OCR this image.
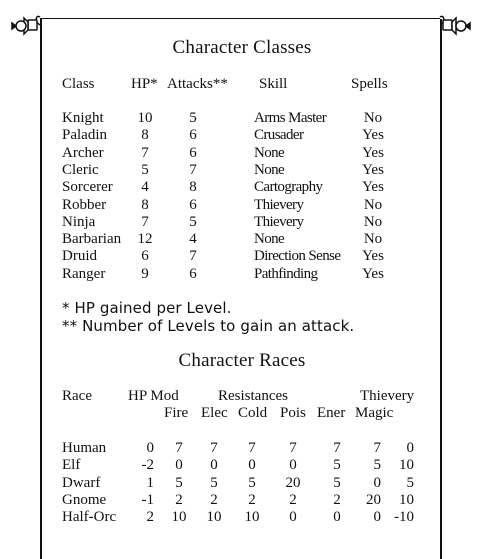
Character Classes
Class HP* Attacks** Skill	Spells
Knight	10	5	Arms Master	No
Paladin	8	6	Crusader	Yes
Archer	7	6	None	Yes
Cleric	5	7	None	Yes
Sorcerer	4	8	Cartography	Yes
Robber	8	6	Thievery	No
Ninja	7	5	Thievery	No
Barbarian	12	4	None	No
Druid	6	7	Direction Sense	Yes
Ranger	9	6	Pathfinding	Yes
* HP gained per Level.
** Number of Levels to gain an attack.
Character Races
Race HP Mod	Resistances	Thievery
Fire Elec Cold Pois Ener Magic
Human	0	7	7	7	7	7	7	0
Elf	-2	0	0	0	0	5	5	10
Dwarf	1	5	5	5	20	5	0	5
Gnome	-1	2	2	2	2	2	20	10
Half-Orc	2	10	10	10	0	0	0 -10
